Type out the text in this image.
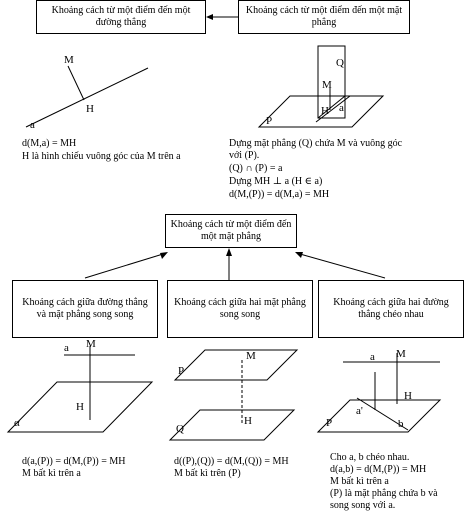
Khoảng cách từ một điểm đến một đường thẳng
Khoảng cách từ một điểm đến một mặt phẳng
M
H
a
d(M,a) = MH
H là hình chiếu vuông góc của M trên a
Q
M
H a
P
Dựng mặt phẳng (Q) chứa M và vuông góc
với (P).
(Q) ∩ (P) = a
Dựng MH ⊥ a (H ∈ a)
d(M,(P)) = d(M,a) = MH
Khoảng cách từ một điểm đến một mặt phẳng
Khoảng cách giữa đường thẳng và mặt phẳng song song
Khoảng cách giữa hai mặt phẳng song song
Khoảng cách giữa hai đường thẳng chéo nhau
a M
H
α
d(a,(P)) = d(M,(P)) = MH
M bất kì trên a
M
P
H
Q
d((P),(Q)) = d(M,(Q)) = MH
M bất kì trên (P)
a M
H
a'
P	b
Cho a, b chéo nhau.
d(a,b) = d(M,(P)) = MH
M bất kì trên a
(P) là mặt phẳng chứa b và
song song với a.
